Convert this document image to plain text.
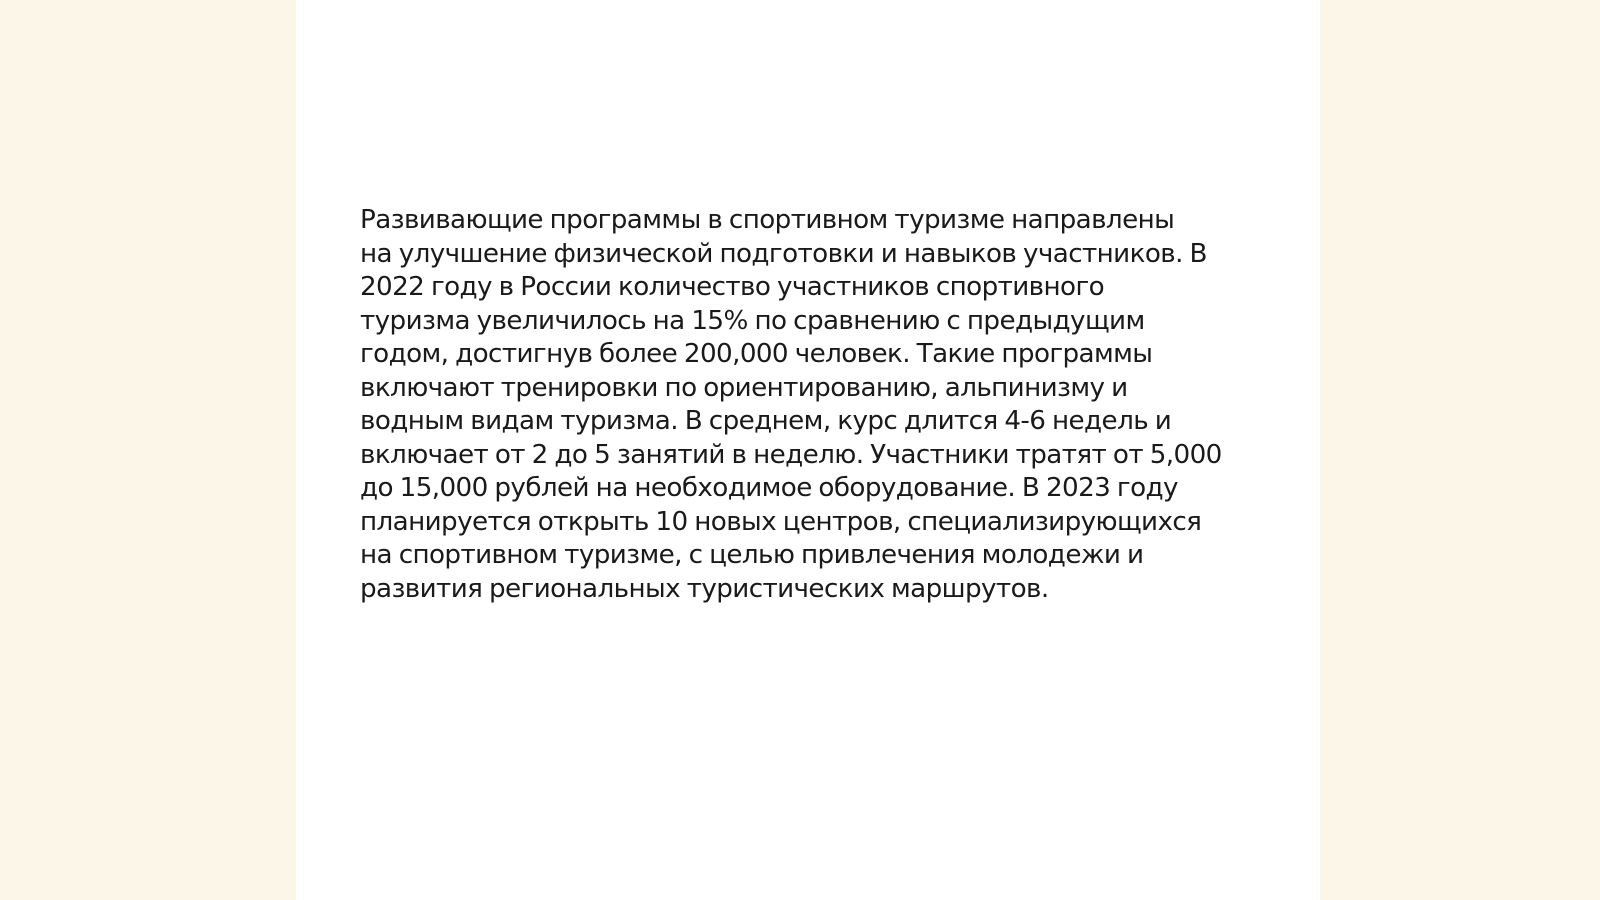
Развивающие программы в спортивном туризме направлены
на улучшение физической подготовки и навыков участников. В
2022 году в России количество участников спортивного
туризма увеличилось на 15% по сравнению с предыдущим
годом, достигнув более 200,000 человек. Такие программы
включают тренировки по ориентированию, альпинизму и
водным видам туризма. В среднем, курс длится 4-6 недель и
включает от 2 до 5 занятий в неделю. Участники тратят от 5,000
до 15,000 рублей на необходимое оборудование. В 2023 году
планируется открыть 10 новых центров, специализирующихся
на спортивном туризме, с целью привлечения молодежи и
развития региональных туристических маршрутов.
